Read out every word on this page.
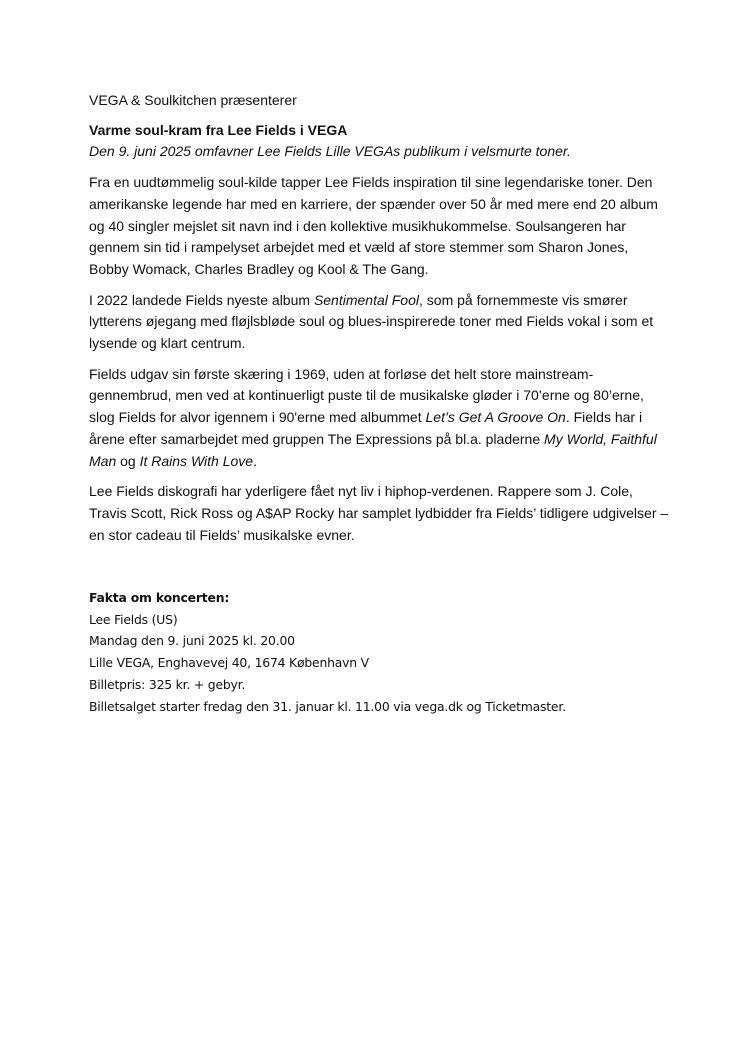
VEGA & Soulkitchen præsenterer

Varme soul-kram fra Lee Fields i VEGA

Den 9. juni 2025 omfavner Lee Fields Lille VEGAs publikum i velsmurte toner.

Fra en uudtømmelig soul-kilde tapper Lee Fields inspiration til sine legendariske toner. Den amerikanske legende har med en karriere, der spænder over 50 år med mere end 20 album og 40 singler mejslet sit navn ind i den kollektive musikhukommelse. Soulsangeren har gennem sin tid i rampelyset arbejdet med et væld af store stemmer som Sharon Jones, Bobby Womack, Charles Bradley og Kool & The Gang.

I 2022 landede Fields nyeste album Sentimental Fool, som på fornemmeste vis smører lytterens øjegang med fløjlsbløde soul og blues-inspirerede toner med Fields vokal i som et lysende og klart centrum.

Fields udgav sin første skæring i 1969, uden at forløse det helt store mainstream-gennembrud, men ved at kontinuerligt puste til de musikalske gløder i 70’erne og 80’erne, slog Fields for alvor igennem i 90'erne med albummet Let’s Get A Groove On. Fields har i årene efter samarbejdet med gruppen The Expressions på bl.a. pladerne My World, Faithful Man og It Rains With Love.

Lee Fields diskografi har yderligere fået nyt liv i hiphop-verdenen. Rappere som J. Cole, Travis Scott, Rick Ross og A$AP Rocky har samplet lydbidder fra Fields’ tidligere udgivelser – en stor cadeau til Fields’ musikalske evner.

Fakta om koncerten:

Lee Fields (US)

Mandag den 9. juni 2025 kl. 20.00

Lille VEGA, Enghavevej 40, 1674 København V

Billetpris: 325 kr. + gebyr.

Billetsalget starter fredag den 31. januar kl. 11.00 via vega.dk og Ticketmaster.
